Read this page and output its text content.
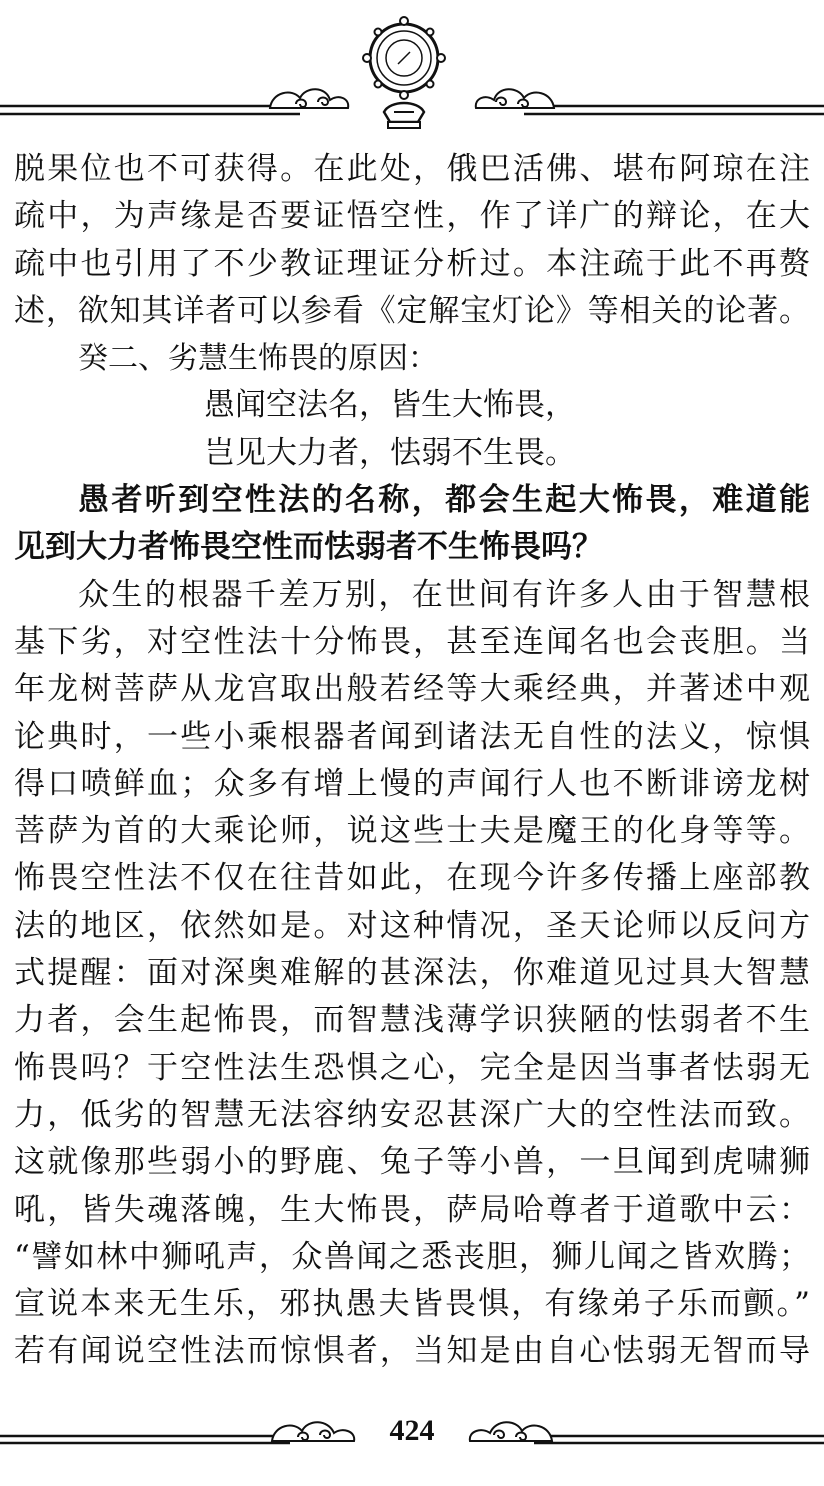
脱果位也不可获得。在此处，俄巴活佛、堪布阿琼在注
疏中，为声缘是否要证悟空性，作了详广的辩论，在大
疏中也引用了不少教证理证分析过。本注疏于此不再赘
述，欲知其详者可以参看《定解宝灯论》等相关的论著。
癸二、劣慧生怖畏的原因：
愚闻空法名，皆生大怖畏，
岂见大力者，怯弱不生畏。
愚者听到空性法的名称，都会生起大怖畏，难道能
见到大力者怖畏空性而怯弱者不生怖畏吗？
众生的根器千差万别，在世间有许多人由于智慧根
基下劣，对空性法十分怖畏，甚至连闻名也会丧胆。当
年龙树菩萨从龙宫取出般若经等大乘经典，并著述中观
论典时，一些小乘根器者闻到诸法无自性的法义，惊惧
得口喷鲜血；众多有增上慢的声闻行人也不断诽谤龙树
菩萨为首的大乘论师，说这些士夫是魔王的化身等等。
怖畏空性法不仅在往昔如此，在现今许多传播上座部教
法的地区，依然如是。对这种情况，圣天论师以反问方
式提醒：面对深奥难解的甚深法，你难道见过具大智慧
力者，会生起怖畏，而智慧浅薄学识狭陋的怯弱者不生
怖畏吗？于空性法生恐惧之心，完全是因当事者怯弱无
力，低劣的智慧无法容纳安忍甚深广大的空性法而致。
这就像那些弱小的野鹿、兔子等小兽，一旦闻到虎啸狮
吼，皆失魂落魄，生大怖畏，萨局哈尊者于道歌中云：
“譬如林中狮吼声，众兽闻之悉丧胆，狮儿闻之皆欢腾；
宣说本来无生乐，邪执愚夫皆畏惧，有缘弟子乐而颤。”
若有闻说空性法而惊惧者，当知是由自心怯弱无智而导
424
